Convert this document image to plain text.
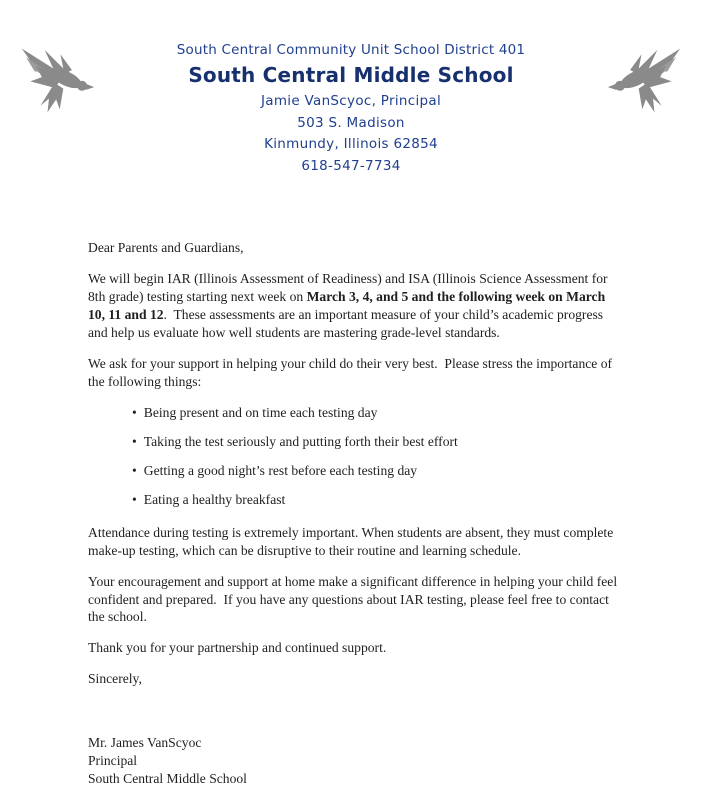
South Central Community Unit School District 401
South Central Middle School
Jamie VanScyoc, Principal
503 S. Madison
Kinmundy, Illinois 62854
618-547-7734

Dear Parents and Guardians,

We will begin IAR (Illinois Assessment of Readiness) and ISA (Illinois Science Assessment for 8th grade) testing starting next week on March 3, 4, and 5 and the following week on March 10, 11 and 12.  These assessments are an important measure of your child’s academic progress and help us evaluate how well students are mastering grade-level standards.

We ask for your support in helping your child do their very best.  Please stress the importance of the following things:

• Being present and on time each testing day
• Taking the test seriously and putting forth their best effort
• Getting a good night’s rest before each testing day
• Eating a healthy breakfast

Attendance during testing is extremely important. When students are absent, they must complete make-up testing, which can be disruptive to their routine and learning schedule.

Your encouragement and support at home make a significant difference in helping your child feel confident and prepared.  If you have any questions about IAR testing, please feel free to contact the school.

Thank you for your partnership and continued support.

Sincerely,

Mr. James VanScyoc

Principal

South Central Middle School
